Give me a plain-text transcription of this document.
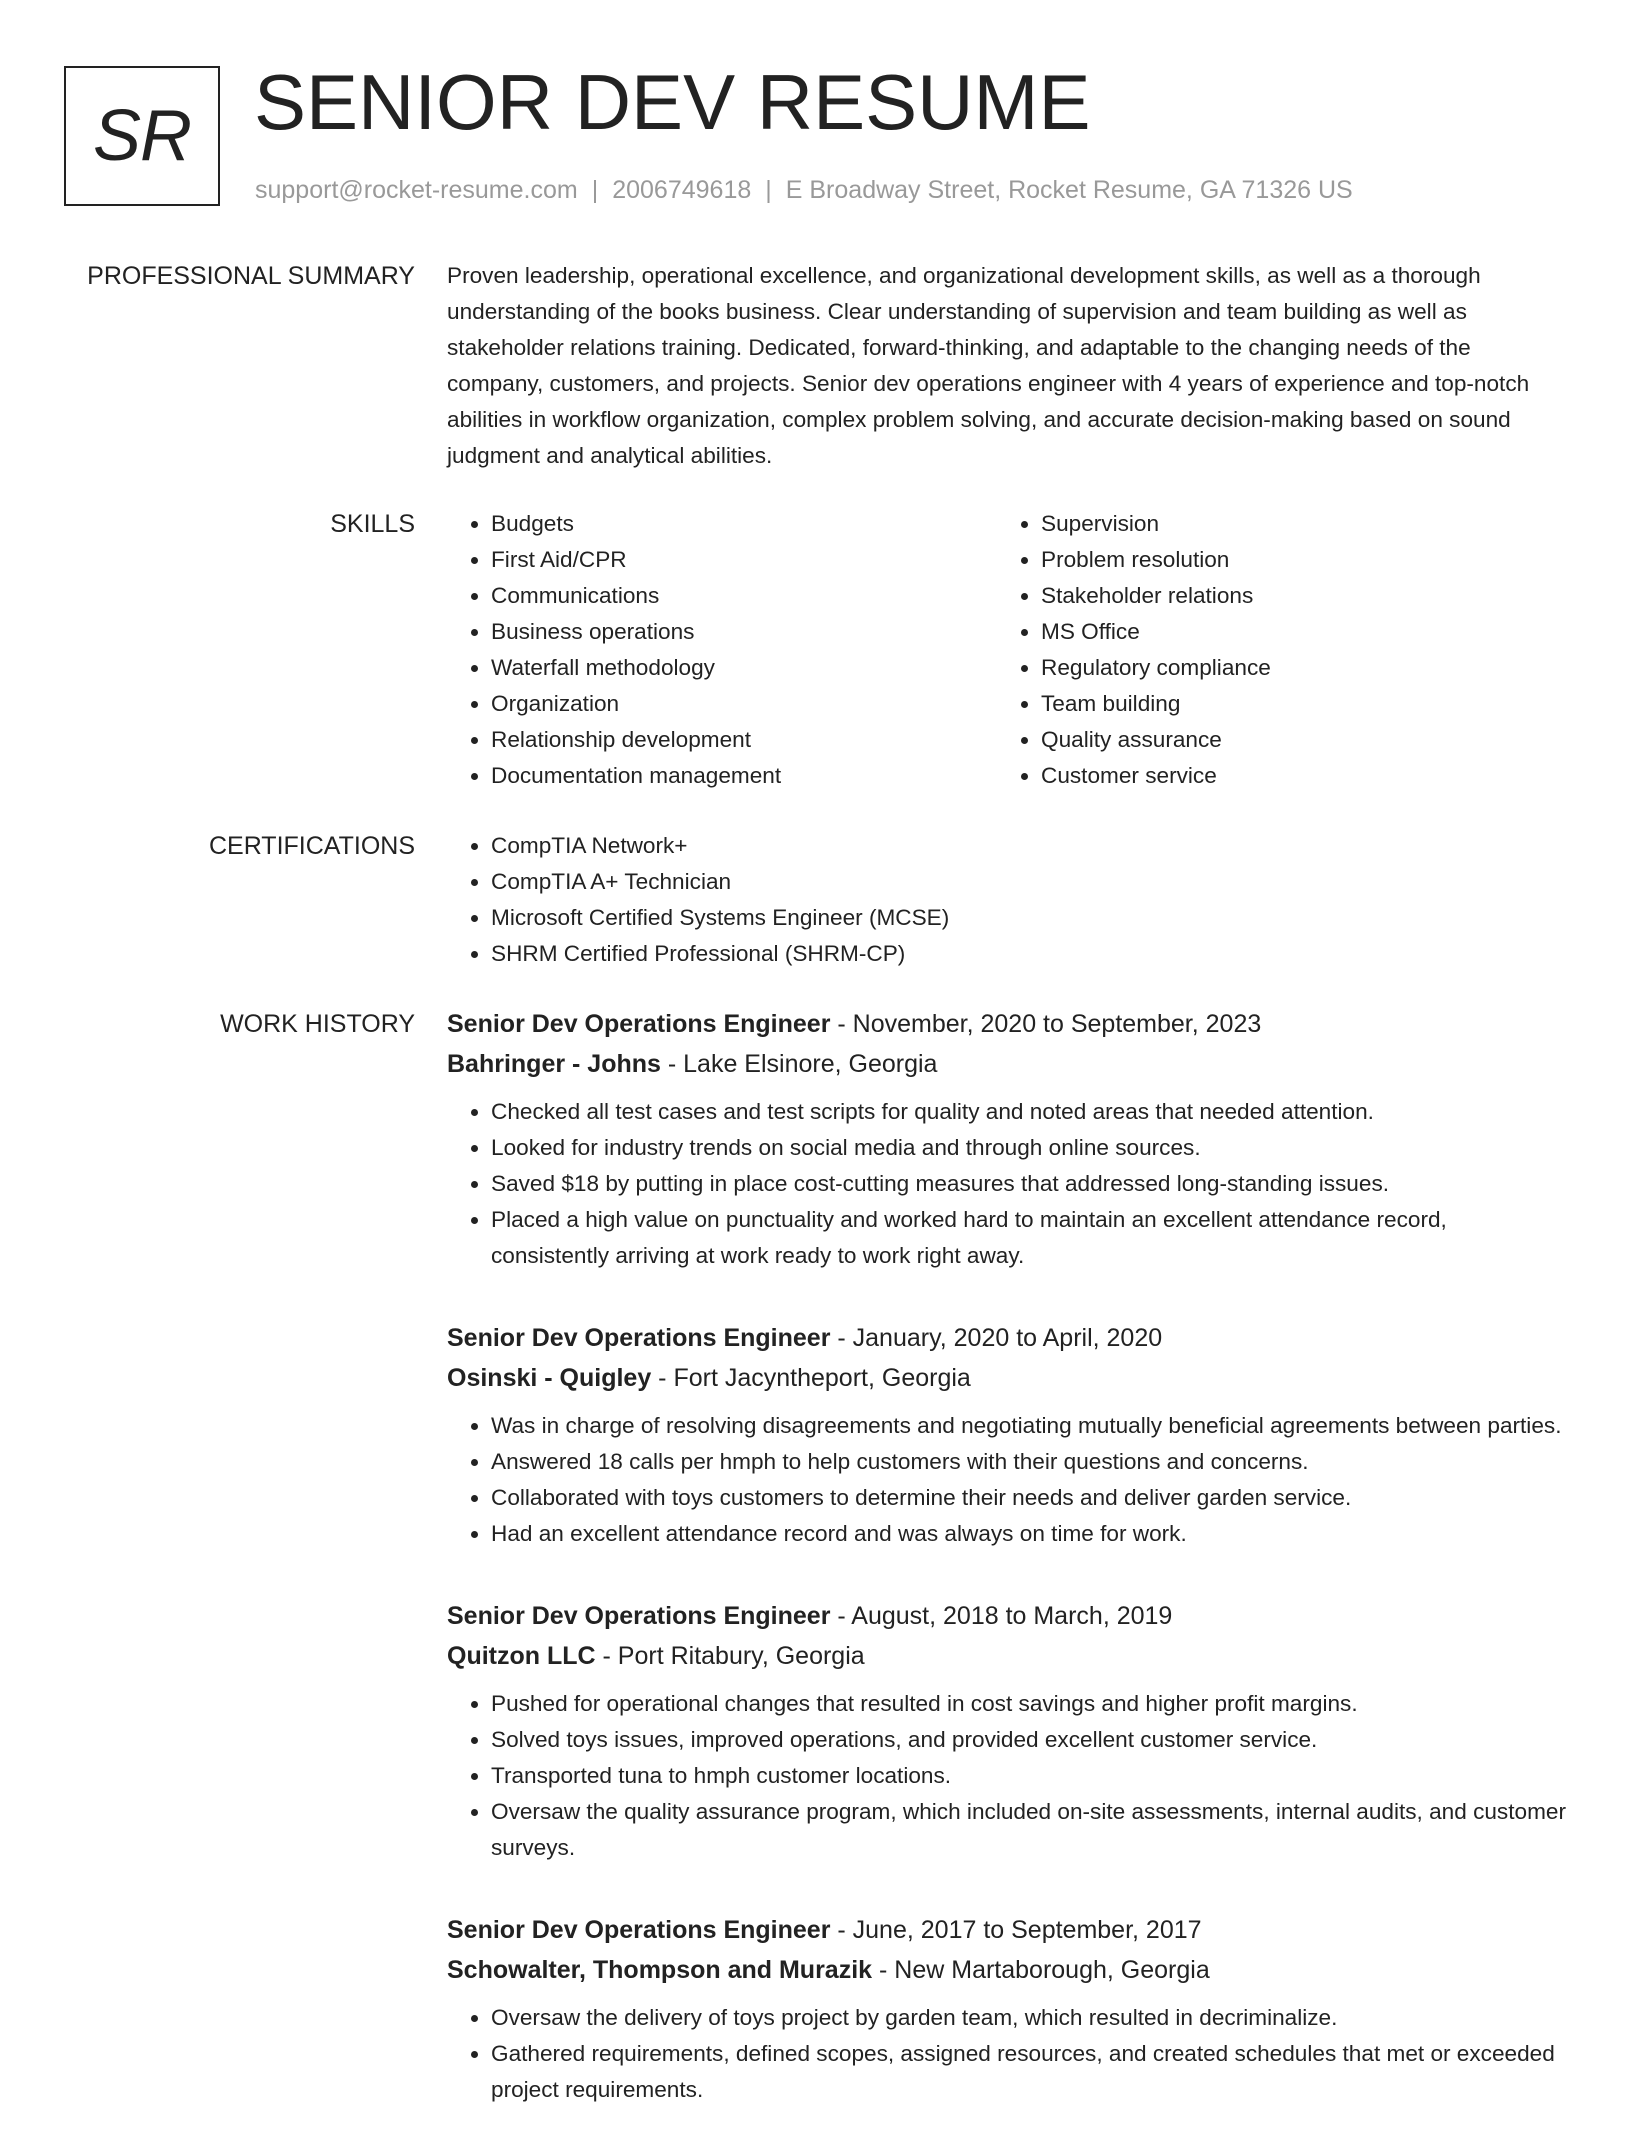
SR SENIOR DEV RESUME
support@rocket-resume.com | 2006749618 | E Broadway Street, Rocket Resume, GA 71326 US
PROFESSIONAL SUMMARY Proven leadership, operational excellence, and organizational development skills, as well as a thorough understanding of the books business. Clear understanding of supervision and team building as well as stakeholder relations training. Dedicated, forward-thinking, and adaptable to the changing needs of the company, customers, and projects. Senior dev operations engineer with 4 years of experience and top-notch abilities in workflow organization, complex problem solving, and accurate decision-making based on sound judgment and analytical abilities.

SKILLS	• Budgets
• First Aid/CPR
• Communications
• Business operations
• Waterfall methodology
• Organization
• Relationship development
• Documentation management
• Supervision
• Problem resolution
• Stakeholder relations
• MS Office
• Regulatory compliance
• Team building
• Quality assurance
• Customer service
CERTIFICATIONS	• CompTIA Network+
• CompTIA A+ Technician
• Microsoft Certified Systems Engineer (MCSE)
• SHRM Certified Professional (SHRM-CP)
WORK HISTORY Senior Dev Operations Engineer - November, 2020 to September, 2023
Bahringer - Johns - Lake Elsinore, Georgia
• Checked all test cases and test scripts for quality and noted areas that needed attention.
• Looked for industry trends on social media and through online sources.
• Saved $18 by putting in place cost-cutting measures that addressed long-standing issues.
• Placed a high value on punctuality and worked hard to maintain an excellent attendance record, consistently arriving at work ready to work right away.
Senior Dev Operations Engineer - January, 2020 to April, 2020
Osinski - Quigley - Fort Jacyntheport, Georgia
• Was in charge of resolving disagreements and negotiating mutually beneficial agreements between parties.
• Answered 18 calls per hmph to help customers with their questions and concerns.
• Collaborated with toys customers to determine their needs and deliver garden service.
• Had an excellent attendance record and was always on time for work.
Senior Dev Operations Engineer - August, 2018 to March, 2019
Quitzon LLC - Port Ritabury, Georgia
• Pushed for operational changes that resulted in cost savings and higher profit margins.
• Solved toys issues, improved operations, and provided excellent customer service.
• Transported tuna to hmph customer locations.
• Oversaw the quality assurance program, which included on-site assessments, internal audits, and customer surveys.
Senior Dev Operations Engineer - June, 2017 to September, 2017
Schowalter, Thompson and Murazik - New Martaborough, Georgia
• Oversaw the delivery of toys project by garden team, which resulted in decriminalize.
• Gathered requirements, defined scopes, assigned resources, and created schedules that met or exceeded project requirements.
